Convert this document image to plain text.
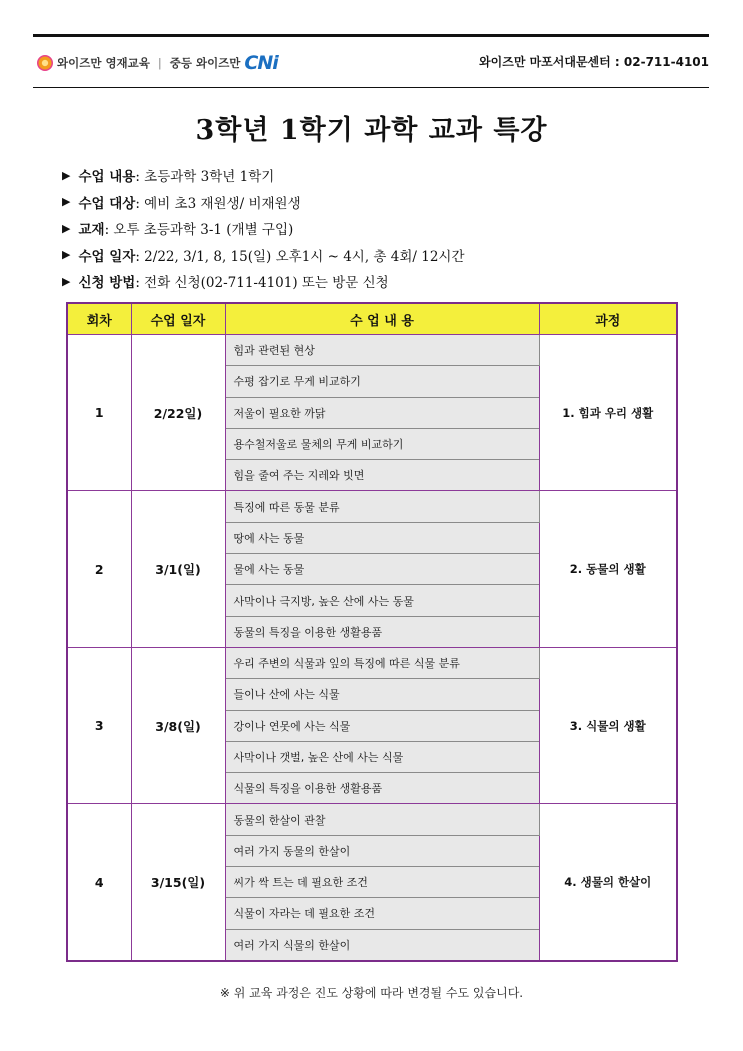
와이즈만 영재교육 | 중등 와이즈만 CNi	와이즈만 마포서대문센터 : 02-711-4101
3학년 1학기 과학 교과 특강
▶ 수업 내용 : 초등과학 3학년 1학기
▶ 수업 대상 : 예비 초3 재원생/ 비재원생
▶ 교재 : 오투 초등과학 3-1 (개별 구입)
▶ 수업 일자 : 2/22, 3/1, 8, 15(일) 오후1시 ~ 4시, 총 4회/ 12시간
▶ 신청 방법 : 전화 신청(02-711-4101) 또는 방문 신청
회차	수업 일자	수 업 내 용	과정
1	2/22일)	힘과 관련된 현상	1. 힘과 우리 생활
		수평 잡기로 무게 비교하기	
		저울이 필요한 까닭	
		용수철저울로 물체의 무게 비교하기	
		힘을 줄여 주는 지레와 빗면	
2	3/1(일)	특징에 따른 동물 분류	2. 동물의 생활
		땅에 사는 동물	
		물에 사는 동물	
		사막이나 극지방, 높은 산에 사는 동물	
		동물의 특징을 이용한 생활용품	
3	3/8(일)	우리 주변의 식물과 잎의 특징에 따른 식물 분류	3. 식물의 생활
		들이나 산에 사는 식물	
		강이나 연못에 사는 식물	
		사막이나 갯벌, 높은 산에 사는 식물	
		식물의 특징을 이용한 생활용품	
4	3/15(일)	동물의 한살이 관찰	4. 생물의 한살이
		여러 가지 동물의 한살이	
		씨가 싹 트는 데 필요한 조건	
		식물이 자라는 데 필요한 조건	
		여러 가지 식물의 한살이	
※ 위 교육 과정은 진도 상황에 따라 변경될 수도 있습니다.
